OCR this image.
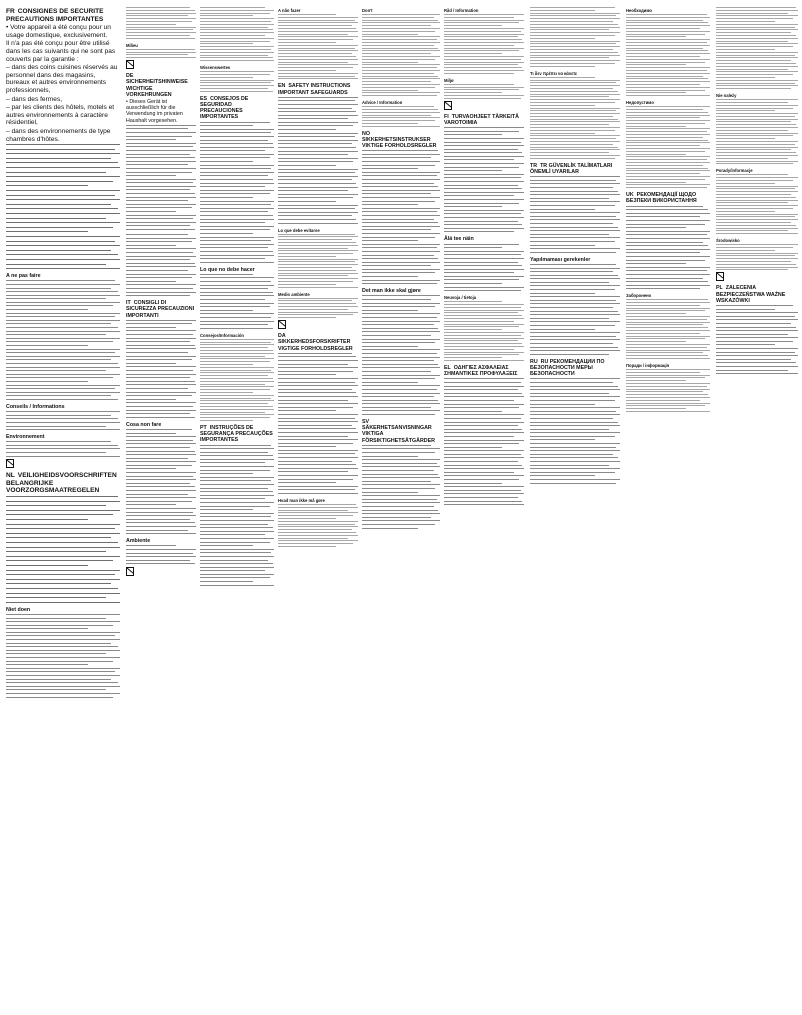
FR CONSIGNES DE SECURITE PRECAUTIONS IMPORTANTES
• Votre appareil a été conçu pour un usage domestique, exclusivement.
Il n'a pas été conçu pour être utilisé dans les cas suivants qui ne sont pas couverts par la garantie :
– dans des coins cuisines réservés au personnel dans des magasins, bureaux et autres environnements professionnels,
– dans des fermes,
– par les clients des hôtels, motels et autres environnements à caractère résidentiel,
– dans des environnements de type chambres d'hôtes.
A ne pas faire
Conseils / Informations
Environnement
NL VEILIGHEIDSVOORSCHRIFTEN BELANGRIJKE VOORZORGSMAATREGELEN
Niet doen
Milieu
DESICHERHEITSHINWEISE WICHTIGE VORKEHRUNGEN
• Dieses Gerät ist ausschließlich für die Verwendung im privaten Haushalt vorgesehen.
IT CONSIGLI DI SICUREZZA PRECAUZIONI IMPORTANTI
Cosa non fare
Ambiente
Wissenswertes
ES CONSEJOS DE SEGURIDAD PRECAUCIONES IMPORTANTES
Lo que no debe hacer
Consejos/Información
PT INSTRUÇÕES DE SEGURANÇA PRECAUÇÕES IMPORTANTES
A não fazer
EN SAFETY INSTRUCTIONS IMPORTANT SAFEGUARDS
Lo que debe evitarse
Medio ambiente
DASIKKERHEDSFORSKRIFTER VIGTIGE FORHOLDSREGLER
Hvad man ikke må gøre
Don't
Advice / Information
NOSIKKERHETSINSTRUKSER VIKTIGE FORHOLDSREGLER
Det man ikke skal gjøre
SVSÄKERHETSANVISNINGAR VIKTIGA FÖRSIKTIGHETSÅTGÄRDER
Råd / Information
Miljø
FI TURVAOHJEET TÄRKEITÄ VAROTOIMIA
Älä tee näin
Neuvoja / tietoja
EL ΟΔΗΓΙΕΣ ΑΣΦΑΛΕΙΑΣ ΣΗΜΑΝΤΙΚΕΣ ΠΡΟΦΥΛΑΞΕΙΣ
Τι δεν πρέπει να κάνετε
TR TR GÜVENLİK TALİMATLARI ÖNEMLİ UYARILAR
Yapılmaması gerekenler
RU RU РЕКОМЕНДАЦИИ ПО БЕЗОПАСНОСТИ МЕРЫ БЕЗОПАСНОСТИ
Необходимо
Недопустимо
UK РЕКОМЕНДАЦІЇ ЩОДО БЕЗПЕКИ ВИКОРИСТАННЯ
Заборонено
Поради / інформація
Nie należy
Porady/informacje
Środowisko
PL ZALECENIA BEZPIECZEŃSTWA WAŻNE WSKAZÓWKI
